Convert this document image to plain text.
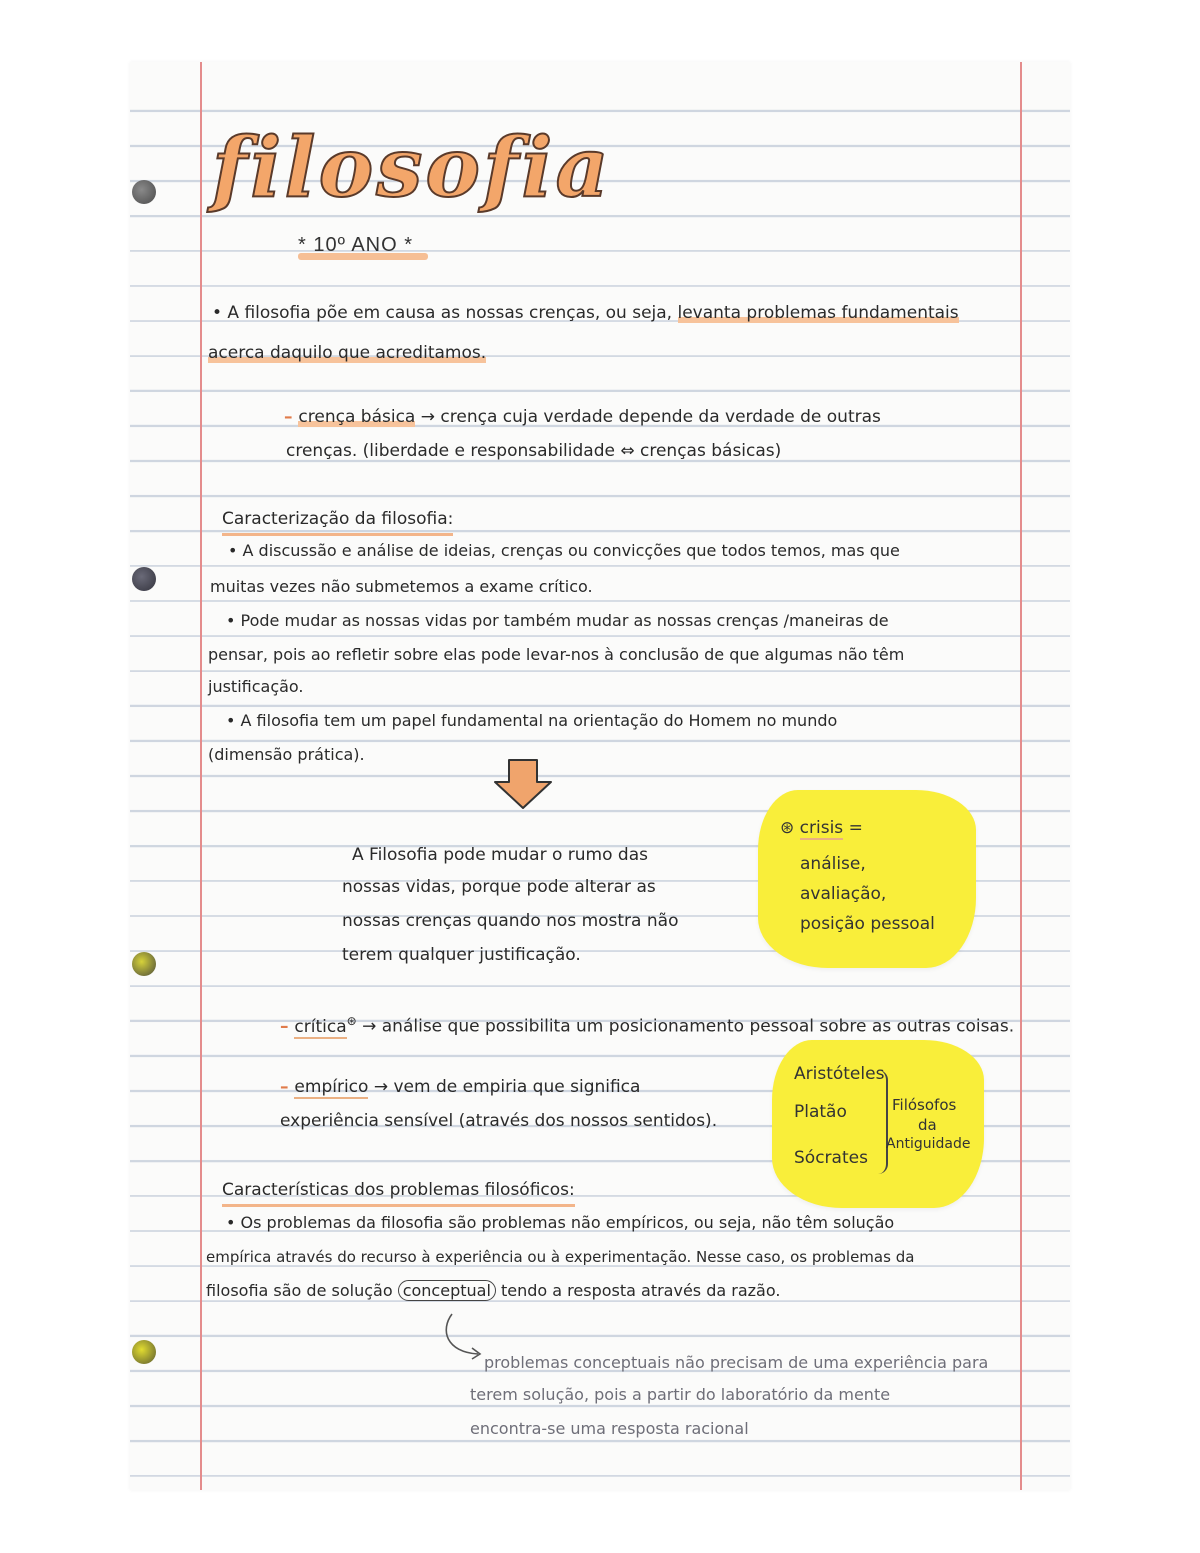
filosofia
* 10º ANO *

• A filosofia põe em causa as nossas crenças, ou seja, levanta problemas fundamentais

acerca daquilo que acreditamos.

– crença básica → crença cuja verdade depende da verdade de outras

crenças. (liberdade e responsabilidade ⇔ crenças básicas)

Caracterização da filosofia:

• A discussão e análise de ideias, crenças ou convicções que todos temos, mas que

muitas vezes não submetemos a exame crítico.

• Pode mudar as nossas vidas por também mudar as nossas crenças /maneiras de

pensar, pois ao refletir sobre elas pode levar-nos à conclusão de que algumas não têm

justificação.

• A filosofia tem um papel fundamental na orientação do Homem no mundo

(dimensão prática).

A Filosofia pode mudar o rumo das

nossas vidas, porque pode alterar as

nossas crenças quando nos mostra não

terem qualquer justificação.

⊛ crisis =
análise,
avaliação,
posição pessoal

– crítica⊛ → análise que possibilita um posicionamento pessoal sobre as outras coisas.

– empírico → vem de empiria que significa

experiência sensível (através dos nossos sentidos).

Aristóteles
Platão
Sócrates
Filósofos
da
Antiguidade
Características dos problemas filosóficos:

• Os problemas da filosofia são problemas não empíricos, ou seja, não têm solução

empírica através do recurso à experiência ou à experimentação. Nesse caso, os problemas da

filosofia são de solução conceptual tendo a resposta através da razão.

problemas conceptuais não precisam de uma experiência para

terem solução, pois a partir do laboratório da mente

encontra-se uma resposta racional
